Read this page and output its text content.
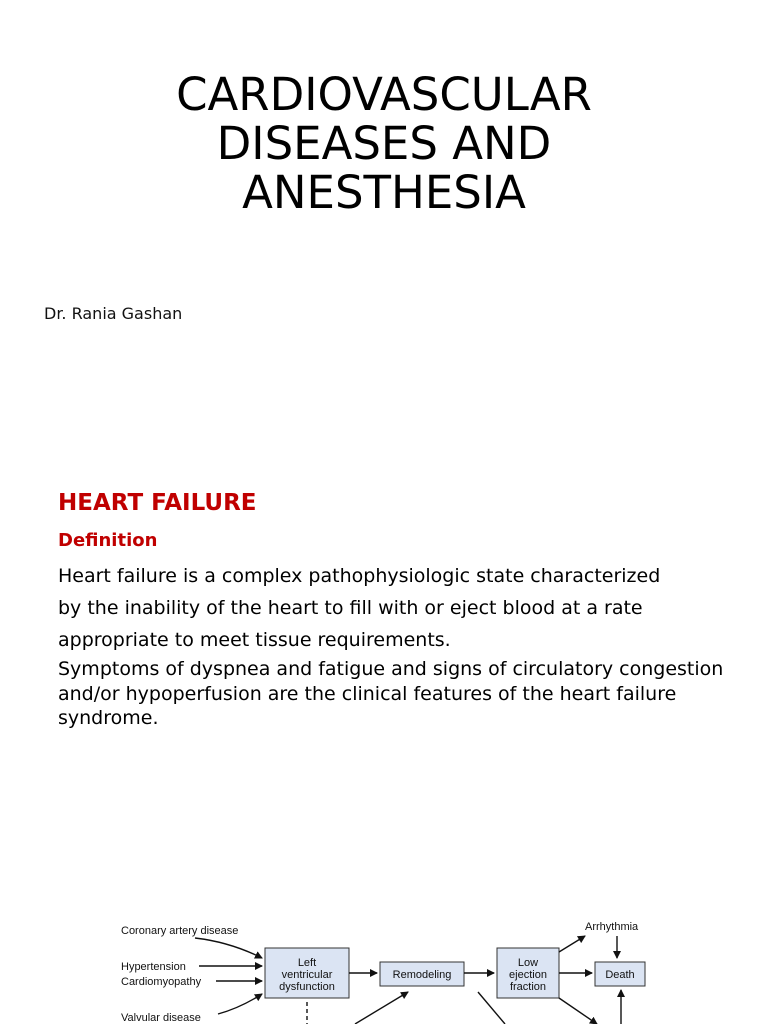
CARDIOVASCULAR
DISEASES AND
ANESTHESIA
Dr. Rania Gashan
HEART FAILURE
Definition
Heart failure is a complex pathophysiologic state characterized
by the inability of the heart to fill with or eject blood at a rate
appropriate to meet tissue requirements.
Symptoms of dyspnea and fatigue and signs of circulatory congestion
and/or hypoperfusion are the clinical features of the heart failure
syndrome.
Coronary artery disease
Hypertension
Cardiomyopathy
Valvular disease
Left
ventricular
dysfunction
Remodeling
Low
ejection
fraction
Arrhythmia
Death
